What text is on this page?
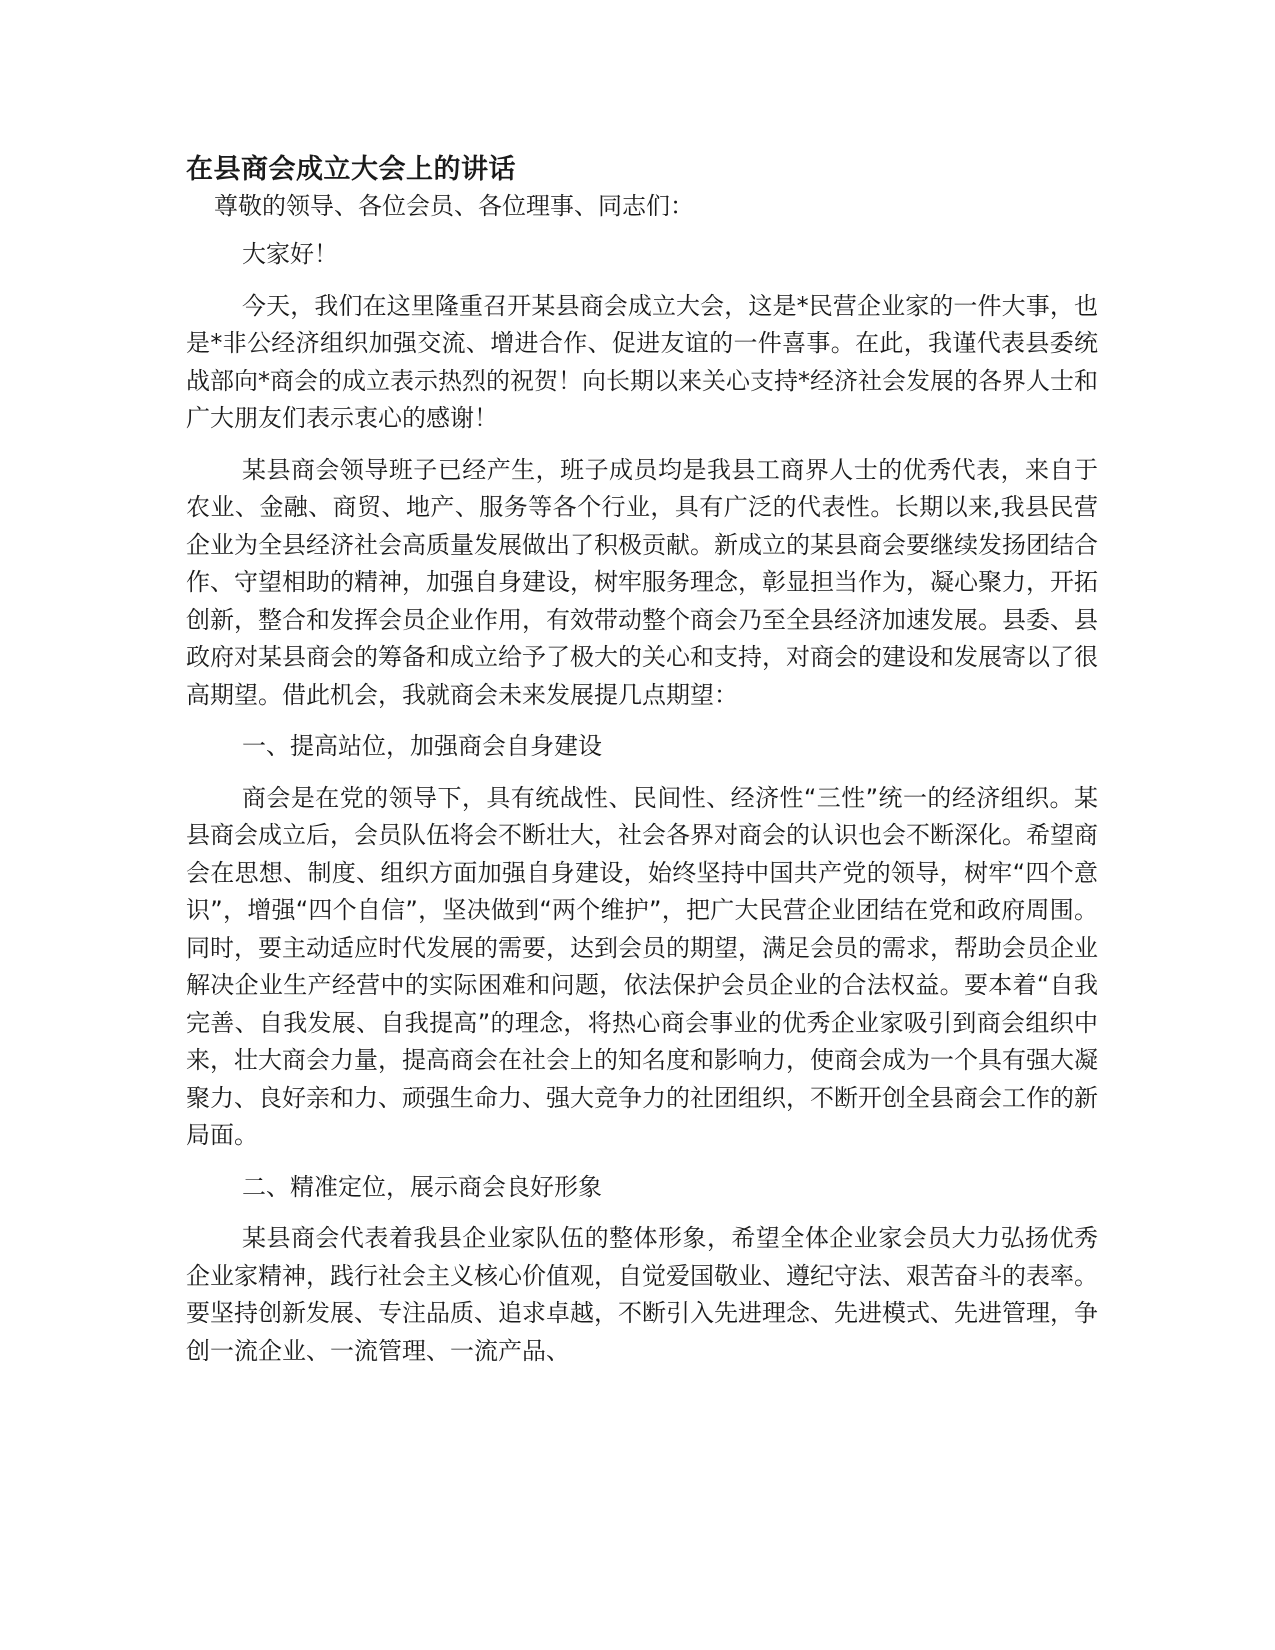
在县商会成立大会上的讲话

尊敬的领导、各位会员、各位理事、同志们：

大家好！

今天，我们在这里隆重召开某县商会成立大会，这是*民营企业家的一件大事，也是*非公经济组织加强交流、增进合作、促进友谊的一件喜事。在此，我谨代表县委统战部向*商会的成立表示热烈的祝贺！向长期以来关心支持*经济社会发展的各界人士和广大朋友们表示衷心的感谢！

某县商会领导班子已经产生，班子成员均是我县工商界人士的优秀代表，来自于农业、金融、商贸、地产、服务等各个行业，具有广泛的代表性。长期以来,我县民营企业为全县经济社会高质量发展做出了积极贡献。新成立的某县商会要继续发扬团结合作、守望相助的精神，加强自身建设，树牢服务理念，彰显担当作为，凝心聚力，开拓创新，整合和发挥会员企业作用，有效带动整个商会乃至全县经济加速发展。县委、县政府对某县商会的筹备和成立给予了极大的关心和支持，对商会的建设和发展寄以了很高期望。借此机会，我就商会未来发展提几点期望：

一、提高站位，加强商会自身建设

商会是在党的领导下，具有统战性、民间性、经济性“三性”统一的经济组织。某县商会成立后，会员队伍将会不断壮大，社会各界对商会的认识也会不断深化。希望商会在思想、制度、组织方面加强自身建设，始终坚持中国共产党的领导，树牢“四个意识”，增强“四个自信”，坚决做到“两个维护”，把广大民营企业团结在党和政府周围。同时，要主动适应时代发展的需要，达到会员的期望，满足会员的需求，帮助会员企业解决企业生产经营中的实际困难和问题，依法保护会员企业的合法权益。要本着“自我完善、自我发展、自我提高”的理念，将热心商会事业的优秀企业家吸引到商会组织中来，壮大商会力量，提高商会在社会上的知名度和影响力，使商会成为一个具有强大凝聚力、良好亲和力、顽强生命力、强大竞争力的社团组织，不断开创全县商会工作的新局面。

二、精准定位，展示商会良好形象

某县商会代表着我县企业家队伍的整体形象，希望全体企业家会员大力弘扬优秀企业家精神，践行社会主义核心价值观，自觉爱国敬业、遵纪守法、艰苦奋斗的表率。要坚持创新发展、专注品质、追求卓越，不断引入先进理念、先进模式、先进管理，争创一流企业、一流管理、一流产品、
